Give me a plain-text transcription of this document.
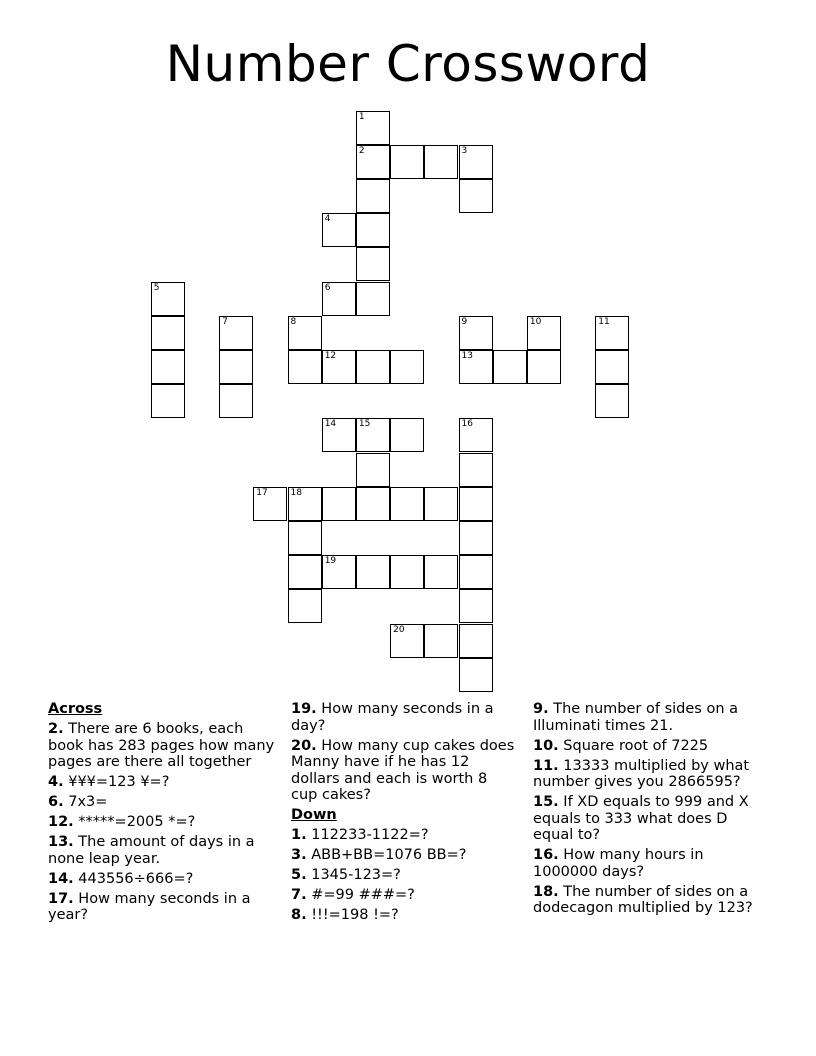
Number Crossword
1
2	3
4
5	6
7	8	9	10	11
12	13
14	15	16
17	18
19
20
Across
2. There are 6 books, each book has 283 pages how many pages are there all together
4. ¥¥¥=123 ¥=?
6. 7x3=
12. *****=2005 *=?
13. The amount of days in a none leap year.
14. 443556÷666=?
17. How many seconds in a year?
19. How many seconds in a day?
20. How many cup cakes does Manny have if he has 12 dollars and each is worth 8 cup cakes?
Down
1. 112233-1122=?
3. ABB+BB=1076 BB=?
5. 1345-123=?
7. #=99 ###=?
8. !!!=198 !=?
9. The number of sides on a Illuminati times 21.
10. Square root of 7225
11. 13333 multiplied by what number gives you 2866595?
15. If XD equals to 999 and X equals to 333 what does D equal to?
16. How many hours in 1000000 days?
18. The number of sides on a dodecagon multiplied by 123?
